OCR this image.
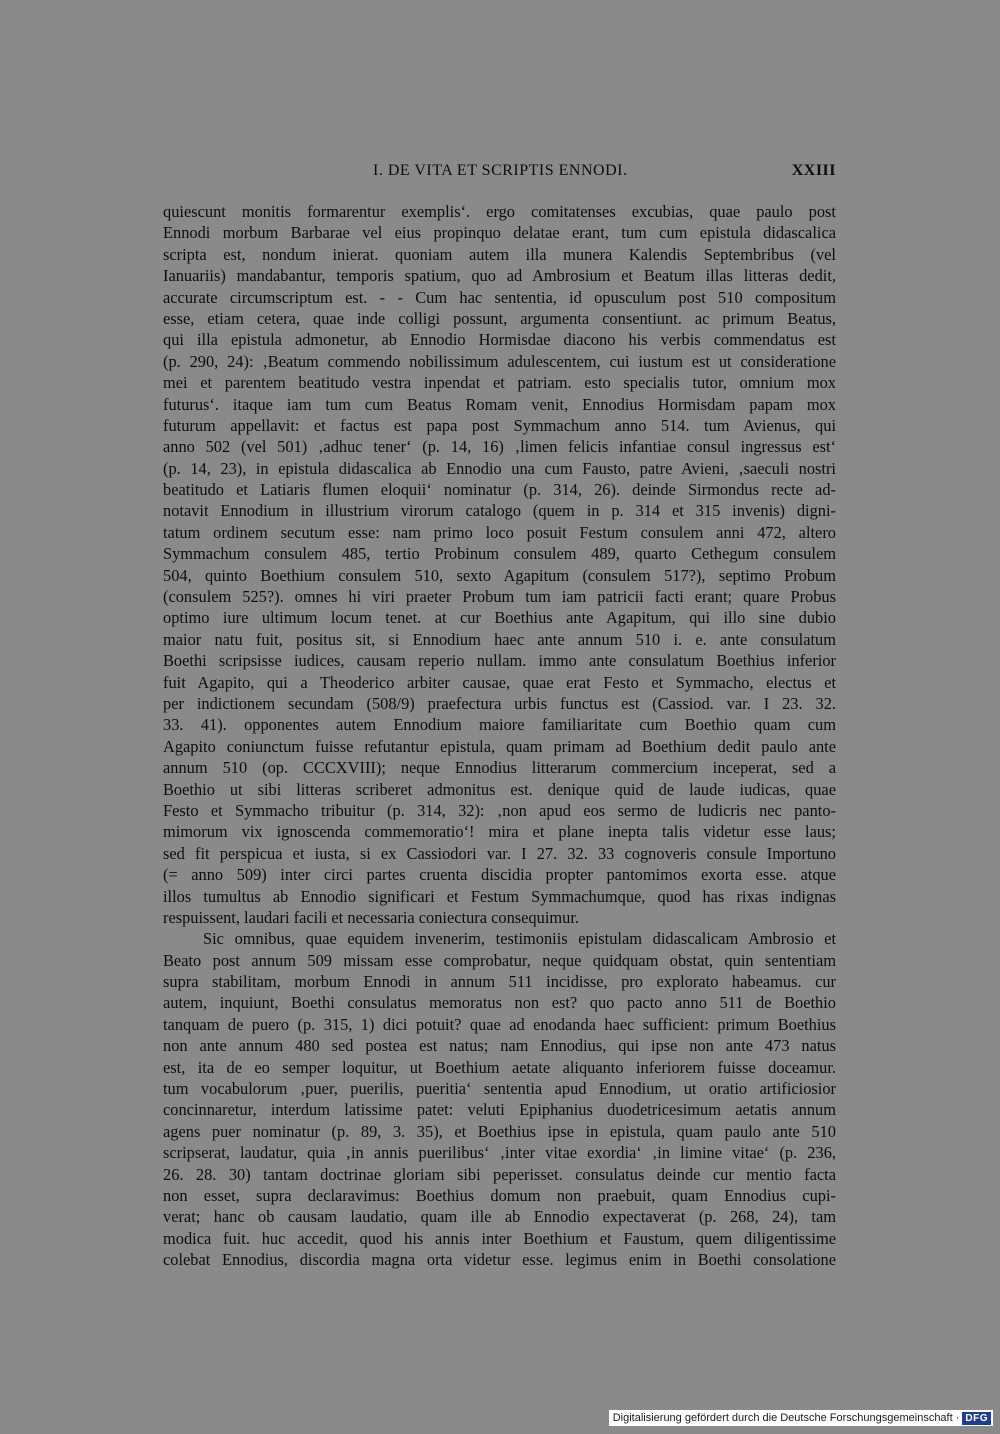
I. DE VITA ET SCRIPTIS ENNODI.	XXIII
quiescunt monitis formarentur exemplis‘. ergo comitatenses excubias, quae paulo post
Ennodi morbum Barbarae vel eius propinquo delatae erant, tum cum epistula didascalica
scripta est, nondum inierat. quoniam autem illa munera Kalendis Septembribus (vel
Ianuariis) mandabantur, temporis spatium, quo ad Ambrosium et Beatum illas litteras dedit,
accurate circumscriptum est. - - Cum hac sententia, id opusculum post 510 compositum
esse, etiam cetera, quae inde colligi possunt, argumenta consentiunt. ac primum Beatus,
qui illa epistula admonetur, ab Ennodio Hormisdae diacono his verbis commendatus est
(p. 290, 24): ‚Beatum commendo nobilissimum adulescentem, cui iustum est ut consideratione
mei et parentem beatitudo vestra inpendat et patriam. esto specialis tutor, omnium mox
futurus‘. itaque iam tum cum Beatus Romam venit, Ennodius Hormisdam papam mox
futurum appellavit: et factus est papa post Symmachum anno 514. tum Avienus, qui
anno 502 (vel 501) ‚adhuc tener‘ (p. 14, 16) ‚limen felicis infantiae consul ingressus est‘
(p. 14, 23), in epistula didascalica ab Ennodio una cum Fausto, patre Avieni, ‚saeculi nostri
beatitudo et Latiaris flumen eloquii‘ nominatur (p. 314, 26). deinde Sirmondus recte ad-
notavit Ennodium in illustrium virorum catalogo (quem in p. 314 et 315 invenis) digni-
tatum ordinem secutum esse: nam primo loco posuit Festum consulem anni 472, altero
Symmachum consulem 485, tertio Probinum consulem 489, quarto Cethegum consulem
504, quinto Boethium consulem 510, sexto Agapitum (consulem 517?), septimo Probum
(consulem 525?). omnes hi viri praeter Probum tum iam patricii facti erant; quare Probus
optimo iure ultimum locum tenet. at cur Boethius ante Agapitum, qui illo sine dubio
maior natu fuit, positus sit, si Ennodium haec ante annum 510 i. e. ante consulatum
Boethi scripsisse iudices, causam reperio nullam. immo ante consulatum Boethius inferior
fuit Agapito, qui a Theoderico arbiter causae, quae erat Festo et Symmacho, electus et
per indictionem secundam (508/9) praefectura urbis functus est (Cassiod. var. I 23. 32.
33. 41). opponentes autem Ennodium maiore familiaritate cum Boethio quam cum
Agapito coniunctum fuisse refutantur epistula, quam primam ad Boethium dedit paulo ante
annum 510 (op. CCCXVIII); neque Ennodius litterarum commercium inceperat, sed a
Boethio ut sibi litteras scriberet admonitus est. denique quid de laude iudicas, quae
Festo et Symmacho tribuitur (p. 314, 32): ‚non apud eos sermo de ludicris nec panto-
mimorum vix ignoscenda commemoratio‘! mira et plane inepta talis videtur esse laus;
sed fit perspicua et iusta, si ex Cassiodori var. I 27. 32. 33 cognoveris consule Importuno
(= anno 509) inter circi partes cruenta discidia propter pantomimos exorta esse. atque
illos tumultus ab Ennodio significari et Festum Symmachumque, quod has rixas indignas
respuissent, laudari facili et necessaria coniectura consequimur.
Sic omnibus, quae equidem invenerim, testimoniis epistulam didascalicam Ambrosio et
Beato post annum 509 missam esse comprobatur, neque quidquam obstat, quin sententiam
supra stabilitam, morbum Ennodi in annum 511 incidisse, pro explorato habeamus. cur
autem, inquiunt, Boethi consulatus memoratus non est? quo pacto anno 511 de Boethio
tanquam de puero (p. 315, 1) dici potuit? quae ad enodanda haec sufficient: primum Boethius
non ante annum 480 sed postea est natus; nam Ennodius, qui ipse non ante 473 natus
est, ita de eo semper loquitur, ut Boethium aetate aliquanto inferiorem fuisse doceamur.
tum vocabulorum ‚puer, puerilis, pueritia‘ sententia apud Ennodium, ut oratio artificiosior
concinnaretur, interdum latissime patet: veluti Epiphanius duodetricesimum aetatis annum
agens puer nominatur (p. 89, 3. 35), et Boethius ipse in epistula, quam paulo ante 510
scripserat, laudatur, quia ‚in annis puerilibus‘ ‚inter vitae exordia‘ ‚in limine vitae‘ (p. 236,
26. 28. 30) tantam doctrinae gloriam sibi peperisset. consulatus deinde cur mentio facta
non esset, supra declaravimus: Boethius domum non praebuit, quam Ennodius cupi-
verat; hanc ob causam laudatio, quam ille ab Ennodio expectaverat (p. 268, 24), tam
modica fuit. huc accedit, quod his annis inter Boethium et Faustum, quem diligentissime
colebat Ennodius, discordia magna orta videtur esse. legimus enim in Boethi consolatione
Digitalisierung gefördert durch die Deutsche Forschungsgemeinschaft · DFG
